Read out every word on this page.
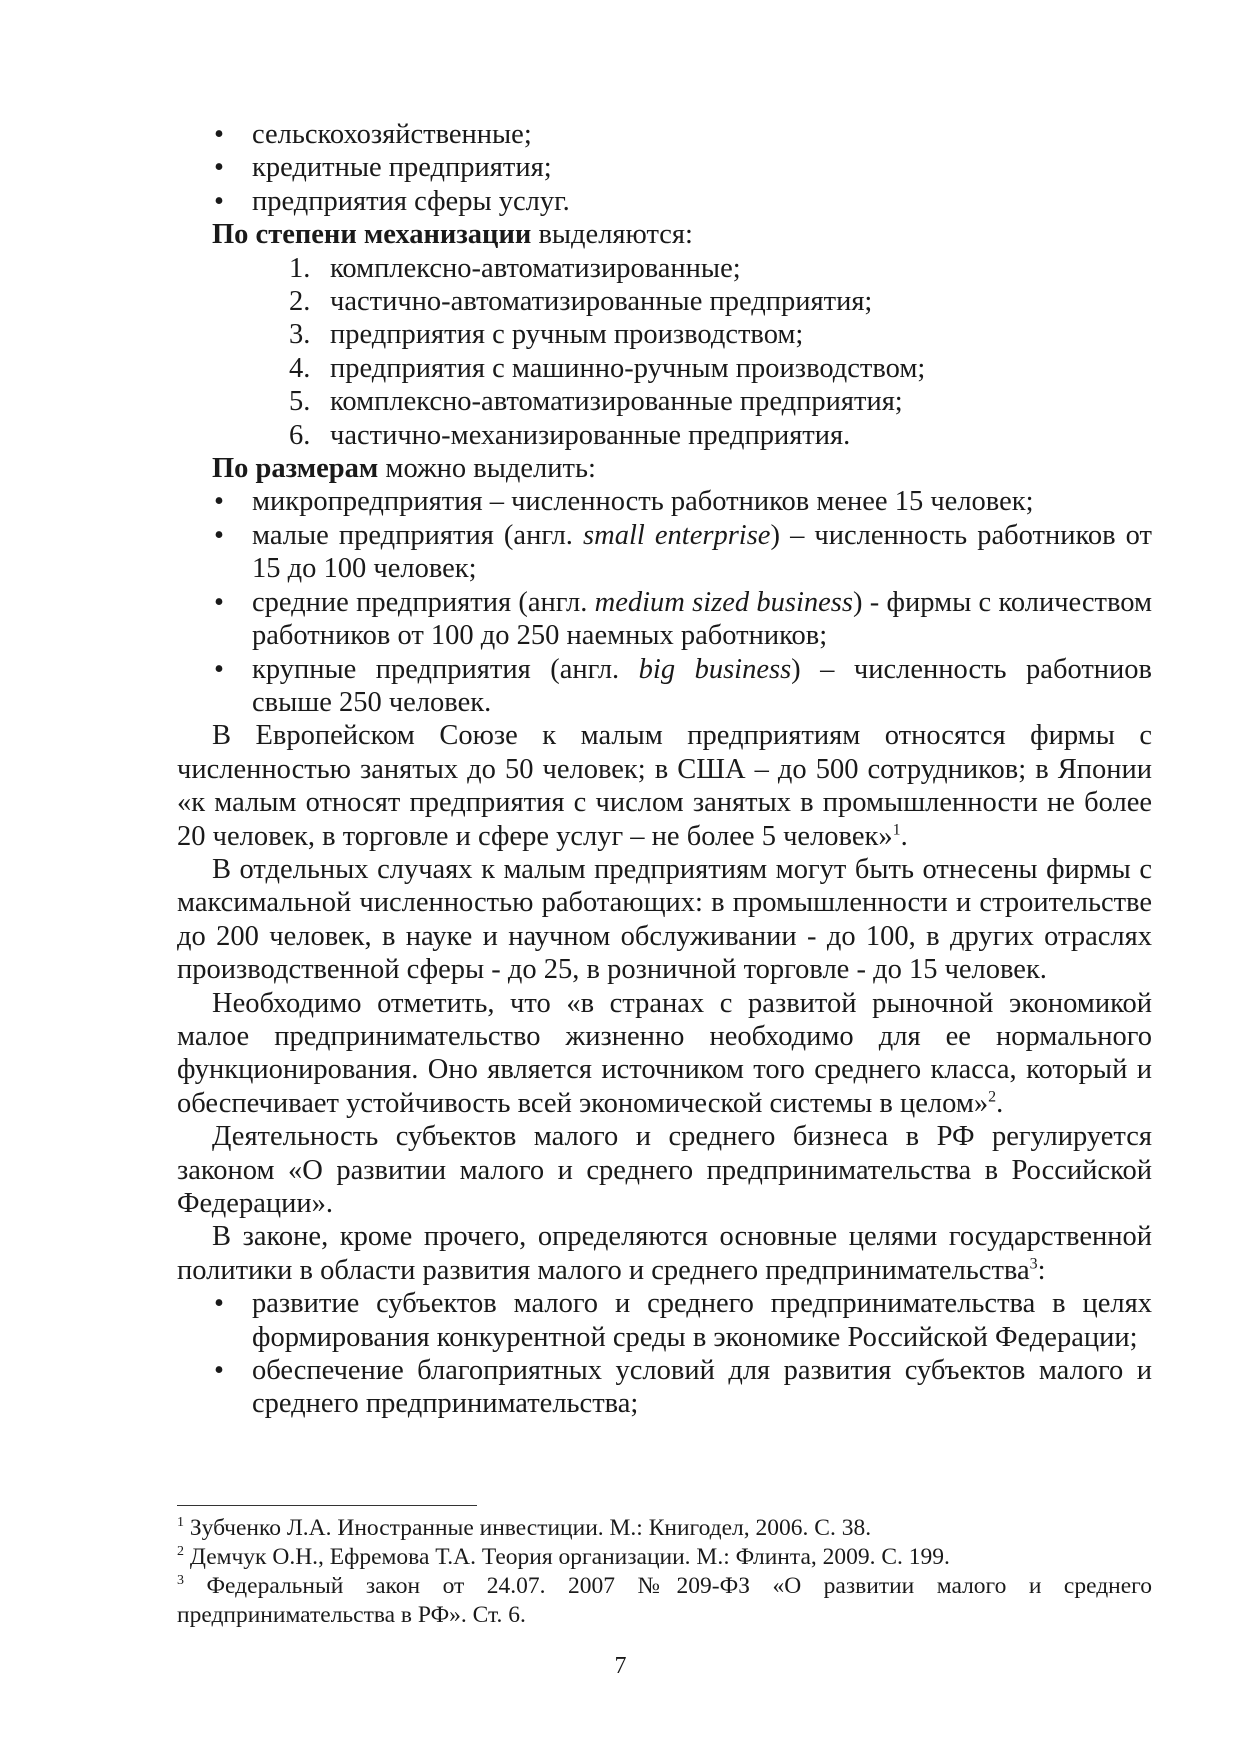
• сельскохозяйственные;
• кредитные предприятия;
• предприятия сферы услуг.

По степени механизации выделяются:

1. комплексно-автоматизированные;
2. частично-автоматизированные предприятия;
3. предприятия с ручным производством;
4. предприятия с машинно-ручным производством;
5. комплексно-автоматизированные предприятия;
6. частично-механизированные предприятия.

По размерам можно выделить:

• микропредприятия – численность работников менее 15 человек;
• малые предприятия (англ. small enterprise) – численность работников от 15 до 100 человек;
• средние предприятия (англ. medium sized business) - фирмы с количеством работников от 100 до 250 наемных работников;
• крупные предприятия (англ. big business) – численность работниов свыше 250 человек.

В Европейском Союзе к малым предприятиям относятся фирмы с численностью занятых до 50 человек; в США – до 500 сотрудников; в Японии «к малым относят предприятия с числом занятых в промышленности не более 20 человек, в торговле и сфере услуг – не более 5 человек»$^1$.

В отдельных случаях к малым предприятиям могут быть отнесены фирмы с максимальной численностью работающих: в промышленности и строительстве до 200 человек, в науке и научном обслуживании - до 100, в других отраслях производственной сферы - до 25, в розничной торговле - до 15 человек.

Необходимо отметить, что «в странах с развитой рыночной экономикой малое предпринимательство жизненно необходимо для ее нормального функционирования. Оно является источником того среднего класса, который и обеспечивает устойчивость всей экономической системы в целом»$^2$.

Деятельность субъектов малого и среднего бизнеса в РФ регулируется законом «О развитии малого и среднего предпринимательства в Российской Федерации».

В законе, кроме прочего, определяются основные целями государственной политики в области развития малого и среднего предпринимательства$^3$:

• развитие субъектов малого и среднего предпринимательства в целях формирования конкурентной среды в экономике Российской Федерации;
• обеспечение благоприятных условий для развития субъектов малого и среднего предпринимательства;
$^1$ Зубченко Л.А. Иностранные инвестиции. М.: Книгодел, 2006. С. 38.
$^2$ Демчук О.Н., Ефремова Т.А. Теория организации. М.: Флинта, 2009. С. 199.
$^3$ Федеральный закон от 24.07. 2007 №209-ФЗ «О развитии малого и среднего предпринимательства в РФ». Ст. 6.
7
